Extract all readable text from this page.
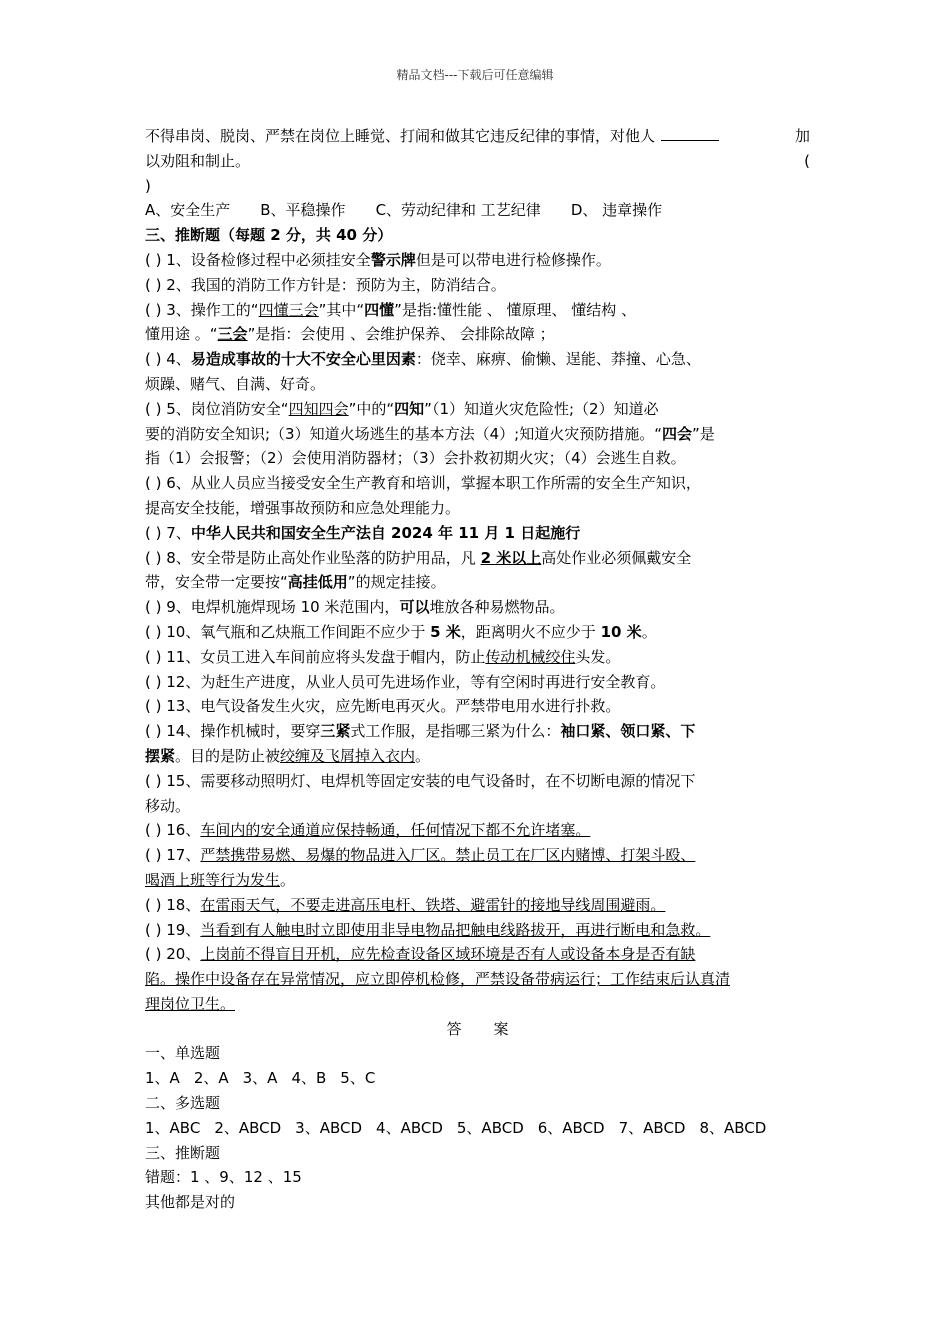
精品文档---下载后可任意编辑
不得串岗、脱岗、严禁在岗位上睡觉、打闹和做其它违反纪律的事情，对他人	加
以劝阻和制止。	(
)
A、安全生产 B、平稳操作 C、劳动纪律和 工艺纪律 D、 违章操作
三、推断题（每题 2 分，共 40 分）
( ) 1、设备检修过程中必须挂安全警示牌但是可以带电进行检修操作。
( ) 2、我国的消防工作方针是：预防为主，防消结合。
( ) 3、操作工的“四懂三会”其中“四懂”是指:懂性能 、 懂原理、 懂结构 、
懂用途 。“三会”是指：会使用 、会维护保养、 会排除故障 ；
( ) 4、易造成事故的十大不安全心里因素：侥幸、麻痹、偷懒、逞能、莽撞、心急、
烦躁、赌气、自满、好奇。
( ) 5、岗位消防安全“四知四会”中的“四知”（1）知道火灾危险性;（2）知道必
要的消防安全知识;（3）知道火场逃生的基本方法（4）;知道火灾预防措施。“四会”是
指（1）会报警；（2）会使用消防器材；（3）会扑救初期火灾；（4）会逃生自救。
( ) 6、从业人员应当接受安全生产教育和培训，掌握本职工作所需的安全生产知识，
提高安全技能，增强事故预防和应急处理能力。
( ) 7、中华人民共和国安全生产法自 2024 年 11 月 1 日起施行
( ) 8、安全带是防止高处作业坠落的防护用品，凡 2 米以上高处作业必须佩戴安全
带，安全带一定要按“高挂低用”的规定挂接。
( ) 9、电焊机施焊现场 10 米范围内，可以堆放各种易燃物品。
( ) 10、氧气瓶和乙炔瓶工作间距不应少于 5 米，距离明火不应少于 10 米。
( ) 11、女员工进入车间前应将头发盘于帽内，防止传动机械绞住头发。
( ) 12、为赶生产进度，从业人员可先进场作业，等有空闲时再进行安全教育。
( ) 13、电气设备发生火灾，应先断电再灭火。严禁带电用水进行扑救。
( ) 14、操作机械时，要穿三紧式工作服，是指哪三紧为什么：袖口紧、领口紧、下
摆紧。目的是防止被绞缠及飞屑掉入衣内。
( ) 15、需要移动照明灯、电焊机等固定安装的电气设备时，在不切断电源的情况下
移动。
( ) 16、车间内的安全通道应保持畅通，任何情况下都不允许堵塞。
( ) 17、严禁携带易燃、易爆的物品进入厂区。禁止员工在厂区内赌博、打架斗殴、
喝酒上班等行为发生。
( ) 18、在雷雨天气，不要走进高压电杆、铁塔、避雷针的接地导线周围避雨。
( ) 19、当看到有人触电时立即使用非导电物品把触电线路拔开，再进行断电和急救。
( ) 20、上岗前不得盲目开机，应先检查设备区域环境是否有人或设备本身是否有缺
陷。操作中设备存在异常情况，应立即停机检修，严禁设备带病运行；工作结束后认真清
理岗位卫生。
答案
一、单选题
1、A 2、A 3、A 4、B 5、C
二、多选题
1、ABC 2、ABCD 3、ABCD 4、ABCD 5、ABCD 6、ABCD 7、ABCD 8、ABCD
三、推断题
错题：1 、9、12 、15
其他都是对的
